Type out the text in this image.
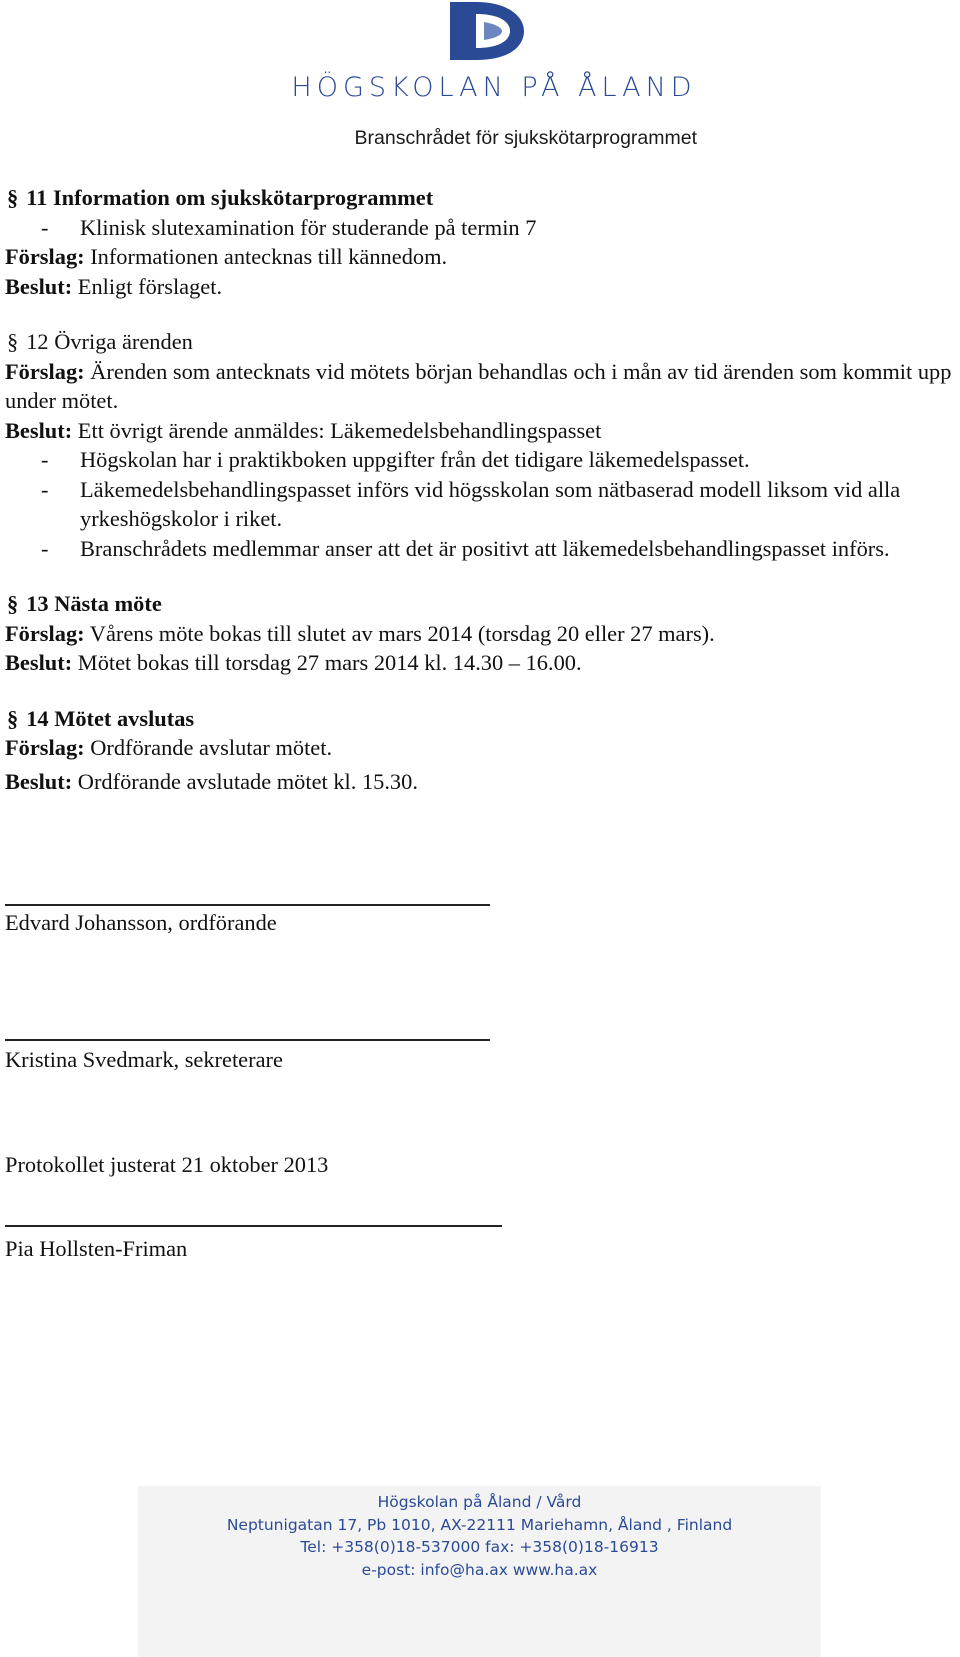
HÖGSKOLAN PÅ ÅLAND
Branschrådet för sjukskötarprogrammet
§ 11 Information om sjukskötarprogrammet
- Klinisk slutexamination för studerande på termin 7
Förslag: Informationen antecknas till kännedom.
Beslut: Enligt förslaget.
§ 12 Övriga ärenden
Förslag: Ärenden som antecknats vid mötets början behandlas och i mån av tid ärenden som kommit upp under mötet.
Beslut: Ett övrigt ärende anmäldes: Läkemedelsbehandlingspasset
- Högskolan har i praktikboken uppgifter från det tidigare läkemedelspasset.
- Läkemedelsbehandlingspasset införs vid högsskolan som nätbaserad modell liksom vid alla yrkeshögskolor i riket.
- Branschrådets medlemmar anser att det är positivt att läkemedelsbehandlingspasset införs.
§ 13 Nästa möte
Förslag: Vårens möte bokas till slutet av mars 2014 (torsdag 20 eller 27 mars).
Beslut: Mötet bokas till torsdag 27 mars 2014 kl. 14.30 – 16.00.
§ 14 Mötet avslutas
Förslag: Ordförande avslutar mötet.
Beslut: Ordförande avslutade mötet kl. 15.30.
Edvard Johansson, ordförande
Kristina Svedmark, sekreterare
Protokollet justerat 21 oktober 2013
Pia Hollsten-Friman
Högskolan på Åland / Vård
Neptunigatan 17, Pb 1010, AX-22111 Mariehamn, Åland , Finland
Tel: +358(0)18-537000 fax: +358(0)18-16913
e-post: info@ha.ax www.ha.ax
